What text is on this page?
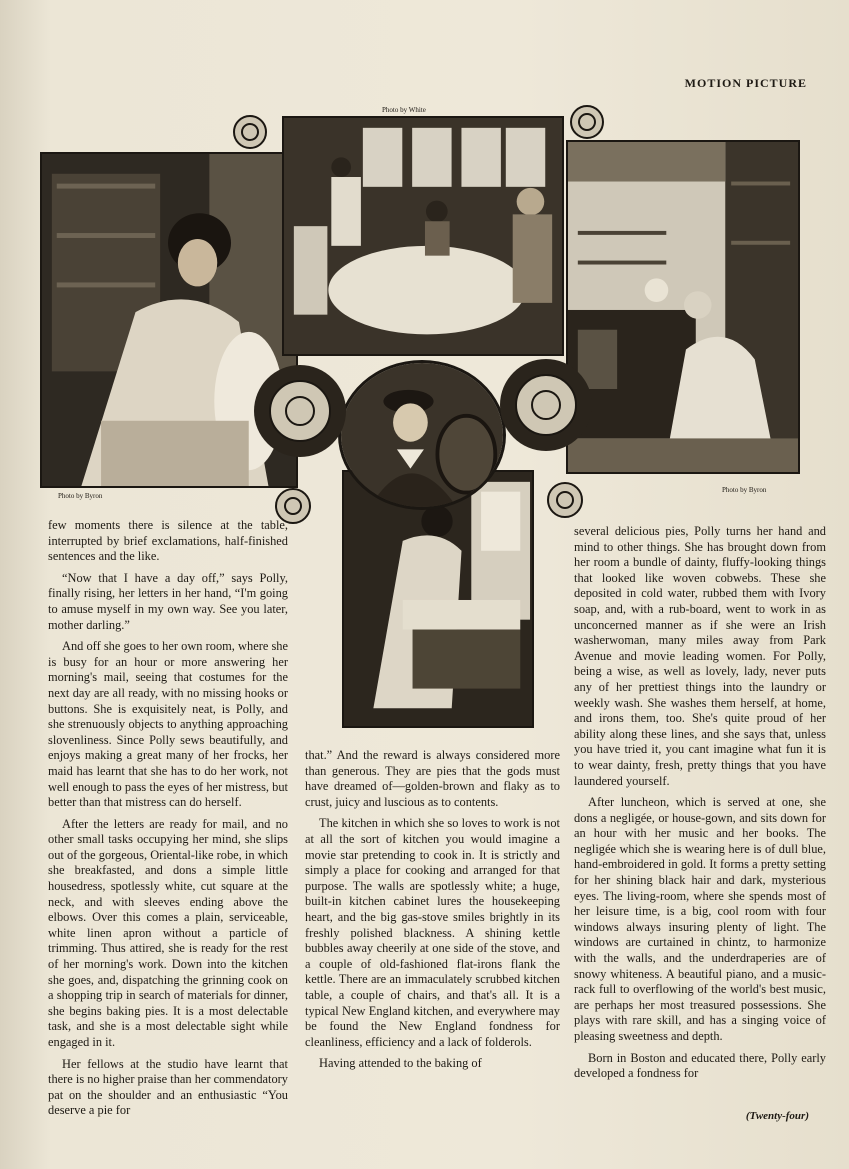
MOTION PICTURE
Photo by White
Photo by Byron
Photo by Byron

few moments there is silence at the table, interrupted by brief exclamations, half-finished sentences and the like.

“Now that I have a day off,” says Polly, finally rising, her letters in her hand, “I'm going to amuse myself in my own way. See you later, mother darling.”

And off she goes to her own room, where she is busy for an hour or more answering her morning's mail, seeing that costumes for the next day are all ready, with no missing hooks or buttons. She is exquisitely neat, is Polly, and she strenuously objects to anything approaching slovenliness. Since Polly sews beautifully, and enjoys making a great many of her frocks, her maid has learnt that she has to do her work, not well enough to pass the eyes of her mistress, but better than that mistress can do herself.

After the letters are ready for mail, and no other small tasks occupying her mind, she slips out of the gorgeous, Oriental-like robe, in which she breakfasted, and dons a simple little housedress, spotlessly white, cut square at the neck, and with sleeves ending above the elbows. Over this comes a plain, serviceable, white linen apron without a particle of trimming. Thus attired, she is ready for the rest of her morning's work. Down into the kitchen she goes, and, dispatching the grinning cook on a shopping trip in search of materials for dinner, she begins baking pies. It is a most delectable task, and she is a most delectable sight while engaged in it.

Her fellows at the studio have learnt that there is no higher praise than her commendatory pat on the shoulder and an enthusiastic “You deserve a pie for

that.” And the reward is always considered more than generous. They are pies that the gods must have dreamed of—golden-brown and flaky as to crust, juicy and luscious as to contents.

The kitchen in which she so loves to work is not at all the sort of kitchen you would imagine a movie star pretending to cook in. It is strictly and simply a place for cooking and arranged for that purpose. The walls are spotlessly white; a huge, built-in kitchen cabinet lures the housekeeping heart, and the big gas-stove smiles brightly in its freshly polished blackness. A shining kettle bubbles away cheerily at one side of the stove, and a couple of old-fashioned flat-irons flank the kettle. There are an immaculately scrubbed kitchen table, a couple of chairs, and that's all. It is a typical New England kitchen, and everywhere may be found the New England fondness for cleanliness, efficiency and a lack of folderols.

Having attended to the baking of

several delicious pies, Polly turns her hand and mind to other things. She has brought down from her room a bundle of dainty, fluffy-looking things that looked like woven cobwebs. These she deposited in cold water, rubbed them with Ivory soap, and, with a rub-board, went to work in as unconcerned manner as if she were an Irish washerwoman, many miles away from Park Avenue and movie leading women. For Polly, being a wise, as well as lovely, lady, never puts any of her prettiest things into the laundry or weekly wash. She washes them herself, at home, and irons them, too. She's quite proud of her ability along these lines, and she says that, unless you have tried it, you cant imagine what fun it is to wear dainty, fresh, pretty things that you have laundered yourself.

After luncheon, which is served at one, she dons a negligée, or house-gown, and sits down for an hour with her music and her books. The negligée which she is wearing here is of dull blue, hand-embroidered in gold. It forms a pretty setting for her shining black hair and dark, mysterious eyes. The living-room, where she spends most of her leisure time, is a big, cool room with four windows always insuring plenty of light. The windows are curtained in chintz, to harmonize with the walls, and the underdraperies are of snowy whiteness. A beautiful piano, and a music-rack full to overflowing of the world's best music, are perhaps her most treasured possessions. She plays with rare skill, and has a singing voice of pleasing sweetness and depth.

Born in Boston and educated there, Polly early developed a fondness for

(Twenty-four)
